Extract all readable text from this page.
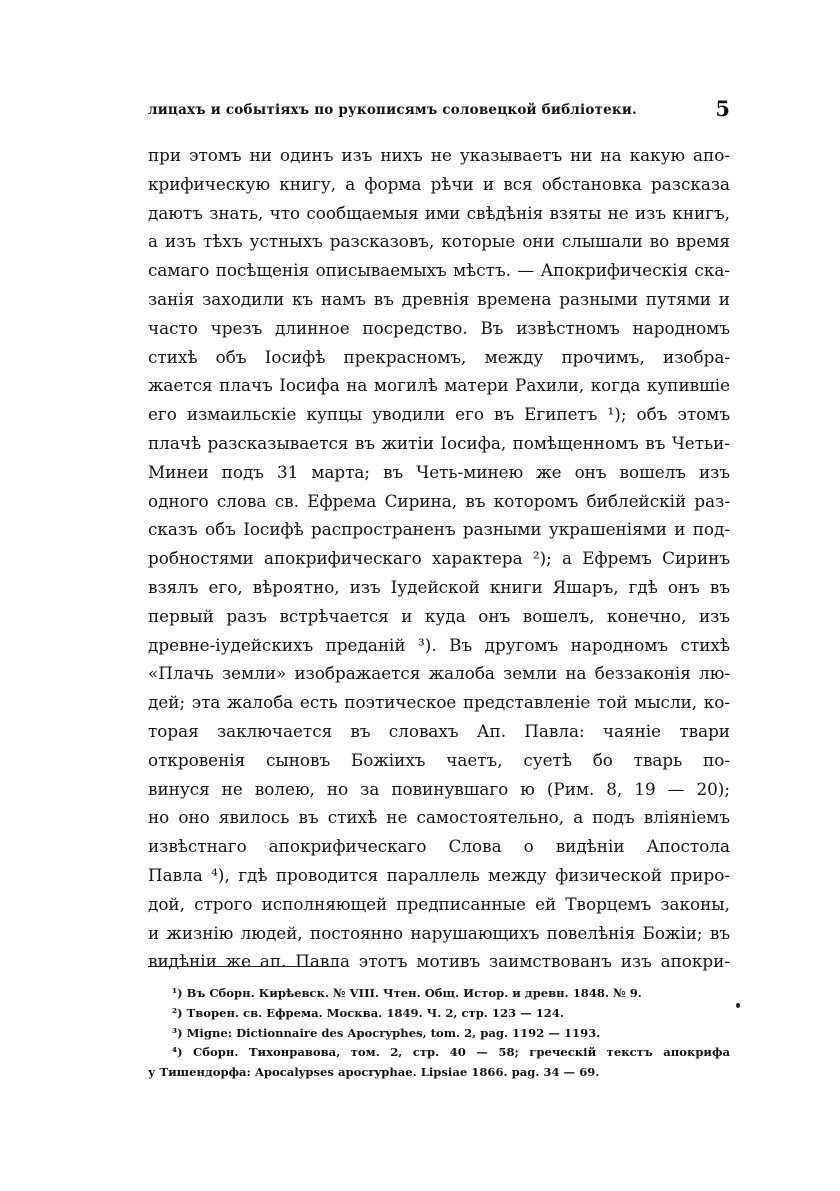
лицахъ и событіяхъ по рукописямъ соловецкой библіотеки.	5
при этомъ ни одинъ изъ нихъ не указываетъ ни на какую апо-
крифическую книгу, а форма рѣчи и вся обстановка разсказа
даютъ знать, что сообщаемыя ими свѣдѣнія взяты не изъ книгъ,
а изъ тѣхъ устныхъ разсказовъ, которые они слышали во время
самаго посѣщенія описываемыхъ мѣстъ. — Апокрифическія ска-
занія заходили къ намъ въ древнія времена разными путями и
часто чрезъ длинное посредство. Въ извѣстномъ народномъ
стихѣ объ Іосифѣ прекрасномъ, между прочимъ, изобра-
жается плачъ Іосифа на могилѣ матери Рахили, когда купившіе
его измаильскіе купцы уводили его въ Египетъ ¹); объ этомъ
плачѣ разсказывается въ житіи Іосифа, помѣщенномъ въ Четьи-
Минеи подъ 31 марта; въ Четь-минею же онъ вошелъ изъ
одного слова св. Ефрема Сирина, въ которомъ библейскій раз-
сказъ объ Іосифѣ распространенъ разными украшеніями и под-
робностями апокрифическаго характера ²); а Ефремъ Сиринъ
взялъ его, вѣроятно, изъ Іудейской книги Яшаръ, гдѣ онъ въ
первый разъ встрѣчается и куда онъ вошелъ, конечно, изъ
древне-іудейскихъ преданій ³). Въ другомъ народномъ стихѣ
«Плачь земли» изображается жалоба земли на беззаконія лю-
дей; эта жалоба есть поэтическое представленіе той мысли, ко-
торая заключается въ словахъ Ап. Павла: чаяніе твари
откровенія сыновъ Божіихъ чаетъ, суетѣ бо тварь по-
винуся не волею, но за повинувшаго ю (Рим. 8, 19 — 20);
но оно явилось въ стихѣ не самостоятельно, а подъ вліяніемъ
извѣстнаго апокрифическаго Слова о видѣніи Апостола
Павла ⁴), гдѣ проводится параллель между физической приро-
дой, строго исполняющей предписанные ей Творцемъ законы,
и жизнію людей, постоянно нарушающихъ повелѣнія Божіи; въ
видѣніи же ап. Павла этотъ мотивъ заимствованъ изъ апокри-
¹) Въ Сборн. Кирѣевск. № VIII. Чтен. Общ. Истор. и древн. 1848. № 9.
²) Творен. св. Ефрема. Москва. 1849. Ч. 2, стр. 123 — 124.
³) Migne: Dictionnaire des Apocryphes, tom. 2, pag. 1192 — 1193.
⁴) Сборн. Тихонравова, том. 2, стр. 40 — 58; греческій текстъ апокрифа
у Тишендорфа: Apocalypses apocryphae. Lipsiae 1866. pag. 34 — 69.
